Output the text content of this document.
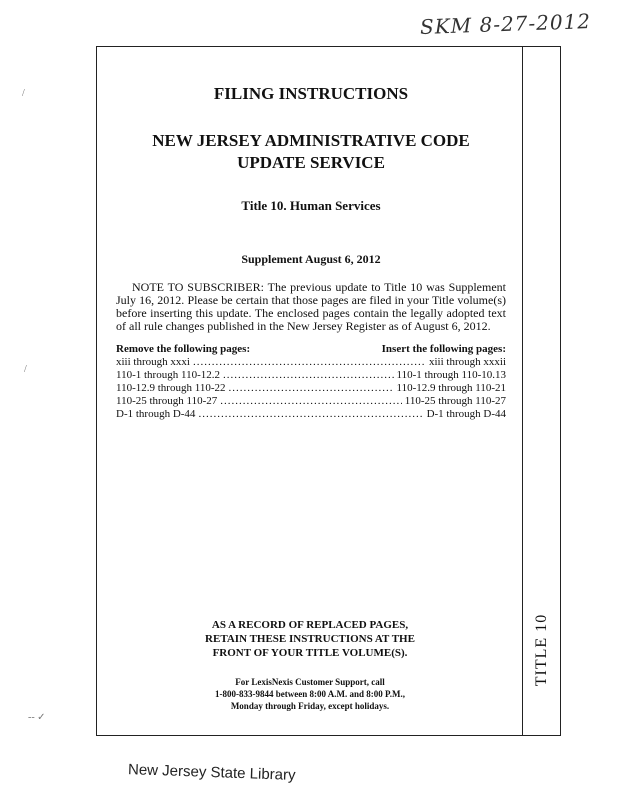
SKM 8-27-2012
TITLE 10
/
/
-- ✓

FILING INSTRUCTIONS

NEW JERSEY ADMINISTRATIVE CODE
UPDATE SERVICE

Title 10. Human Services

Supplement August 6, 2012

NOTE TO SUBSCRIBER: The previous update to Title 10 was Supplement July 16, 2012. Please be certain that those pages are filed in your Title volume(s) before inserting this update. The enclosed pages contain the legally adopted text of all rule changes published in the New Jersey Register as of August 6, 2012.

Remove the following pages:	Insert the following pages:
xiii through xxxi .....	xiii through xxxii
110-1 through 110-12.2 .....	110-1 through 110-10.13
110-12.9 through 110-22 .....	110-12.9 through 110-21
110-25 through 110-27 .....	110-25 through 110-27
D-1 through D-44 .....	D-1 through D-44
AS A RECORD OF REPLACED PAGES,
RETAIN THESE INSTRUCTIONS AT THE
FRONT OF YOUR TITLE VOLUME(S).
For LexisNexis Customer Support, call
1-800-833-9844 between 8:00 A.M. and 8:00 P.M.,
Monday through Friday, except holidays.
New Jersey State Library
